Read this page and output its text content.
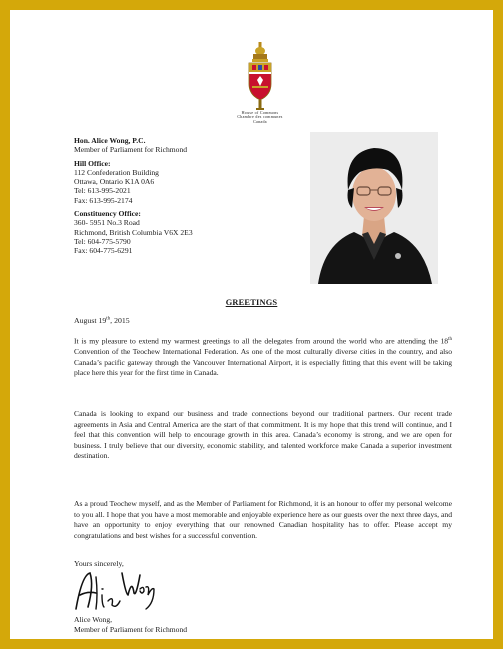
House of Commons
Chambre des communes
Canada
Hon. Alice Wong, P.C.
Member of Parliament for Richmond
Hill Office:
112 Confederation Building
Ottawa, Ontario K1A 0A6
Tel: 613-995-2021
Fax: 613-995-2174
Constituency Office:
360- 5951 No.3 Road
Richmond, British Columbia V6X 2E3
Tel: 604-775-5790
Fax: 604-775-6291
GREETINGS
August 19th, 2015
It is my pleasure to extend my warmest greetings to all the delegates from around the world who are attending the 18th Convention of the Teochew International Federation. As one of the most culturally diverse cities in the country, and also Canada’s pacific gateway through the Vancouver International Airport, it is especially fitting that this event will be taking place here this year for the first time in Canada.
Canada is looking to expand our business and trade connections beyond our traditional partners. Our recent trade agreements in Asia and Central America are the start of that commitment. It is my hope that this trend will continue, and I feel that this convention will help to encourage growth in this area. Canada’s economy is strong, and we are open for business. I truly believe that our diversity, economic stability, and talented workforce make Canada a superior investment destination.
As a proud Teochew myself, and as the Member of Parliament for Richmond, it is an honour to offer my personal welcome to you all. I hope that you have a most memorable and enjoyable experience here as our guests over the next three days, and have an opportunity to enjoy everything that our renowned Canadian hospitality has to offer. Please accept my congratulations and best wishes for a successful convention.
Yours sincerely,
Alice Wong,
Member of Parliament for Richmond
